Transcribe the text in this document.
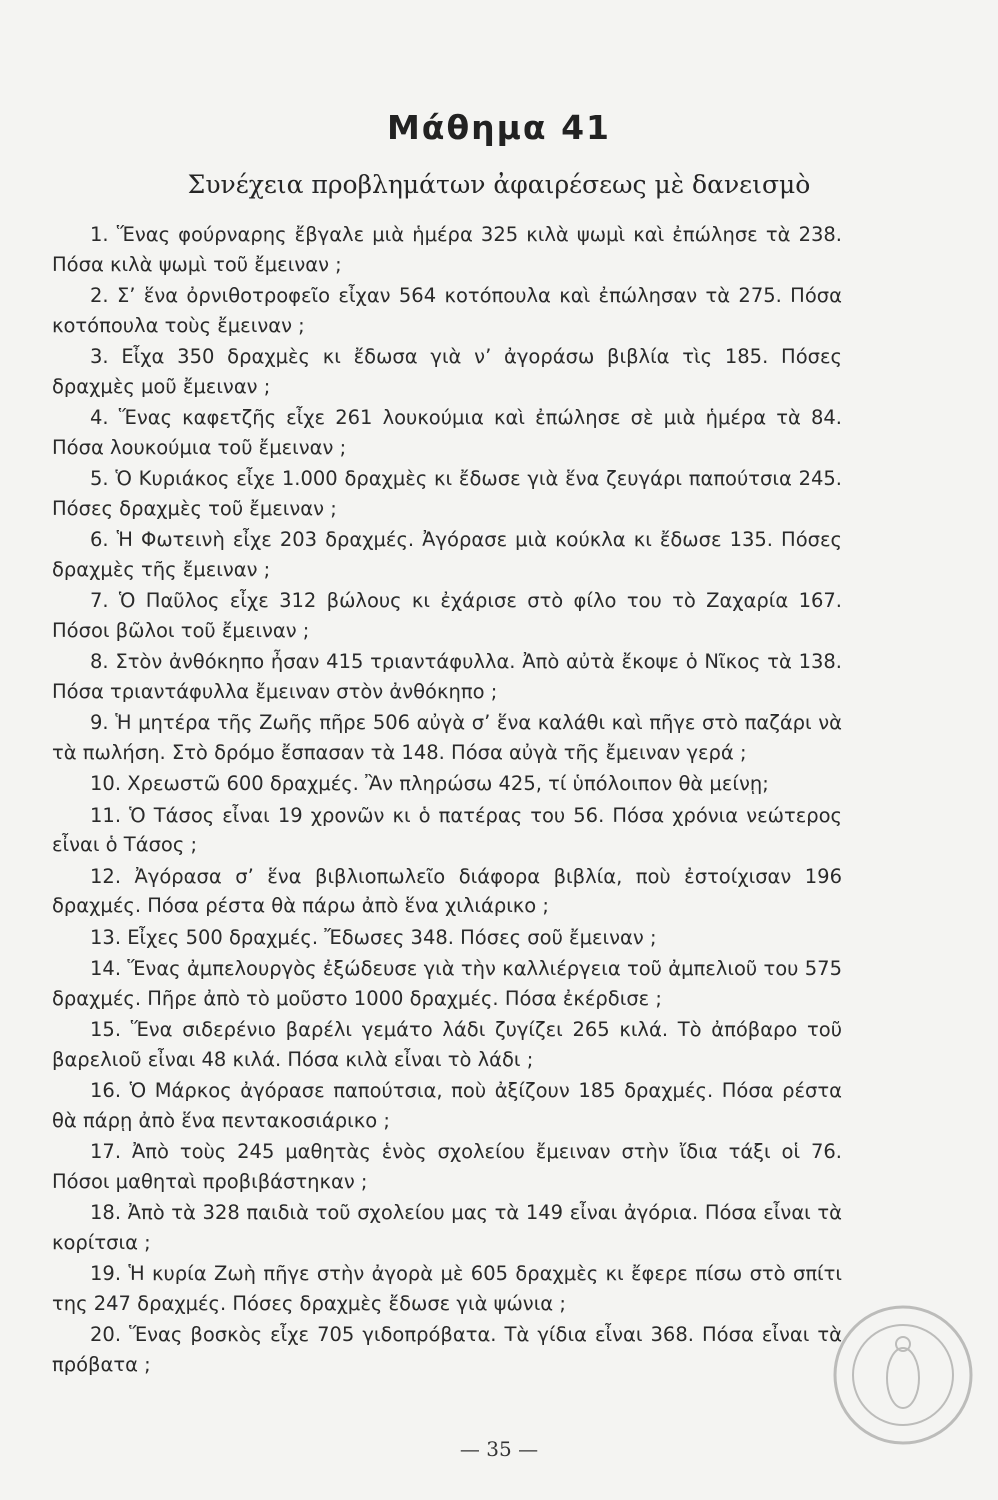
Μάθημα 41
Συνέχεια προβλημάτων ἀφαιρέσεως μὲ δανεισμὸ

1. Ἕνας φούρναρης ἔβγαλε μιὰ ἡμέρα 325 κιλὰ ψωμὶ καὶ ἐπώλησε τὰ 238. Πόσα κιλὰ ψωμὶ τοῦ ἔμειναν ;

2. Σ’ ἕνα ὀρνιθοτροφεῖο εἶχαν 564 κοτόπουλα καὶ ἐπώλησαν τὰ 275. Πόσα κοτόπουλα τοὺς ἔμειναν ;

3. Εἶχα 350 δραχμὲς κι ἔδωσα γιὰ ν’ ἀγοράσω βιβλία τὶς 185. Πόσες δραχμὲς μοῦ ἔμειναν ;

4. Ἕνας καφετζῆς εἶχε 261 λουκούμια καὶ ἐπώλησε σὲ μιὰ ἡμέρα τὰ 84. Πόσα λουκούμια τοῦ ἔμειναν ;

5. Ὁ Κυριάκος εἶχε 1.000 δραχμὲς κι ἔδωσε γιὰ ἕνα ζευγάρι παπούτσια 245. Πόσες δραχμὲς τοῦ ἔμειναν ;

6. Ἡ Φωτεινὴ εἶχε 203 δραχμές. Ἀγόρασε μιὰ κούκλα κι ἔδωσε 135. Πόσες δραχμὲς τῆς ἔμειναν ;

7. Ὁ Παῦλος εἶχε 312 βώλους κι ἐχάρισε στὸ φίλο του τὸ Ζαχαρία 167. Πόσοι βῶλοι τοῦ ἔμειναν ;

8. Στὸν ἀνθόκηπο ἦσαν 415 τριαντάφυλλα. Ἀπὸ αὐτὰ ἔκοψε ὁ Νῖκος τὰ 138. Πόσα τριαντάφυλλα ἔμειναν στὸν ἀνθόκηπο ;

9. Ἡ μητέρα τῆς Ζωῆς πῆρε 506 αὐγὰ σ’ ἕνα καλάθι καὶ πῆγε στὸ παζάρι νὰ τὰ πωλήση. Στὸ δρόμο ἔσπασαν τὰ 148. Πόσα αὐγὰ τῆς ἔμειναν γερά ;

10. Χρεωστῶ 600 δραχμές. Ἂν πληρώσω 425, τί ὑπόλοιπον θὰ μείνῃ;

11. Ὁ Τάσος εἶναι 19 χρονῶν κι ὁ πατέρας του 56. Πόσα χρόνια νεώτερος εἶναι ὁ Τάσος ;

12. Ἀγόρασα σ’ ἕνα βιβλιοπωλεῖο διάφορα βιβλία, ποὺ ἐστοίχισαν 196 δραχμές. Πόσα ρέστα θὰ πάρω ἀπὸ ἕνα χιλιάρικο ;

13. Εἶχες 500 δραχμές. Ἔδωσες 348. Πόσες σοῦ ἔμειναν ;

14. Ἕνας ἀμπελουργὸς ἐξώδευσε γιὰ τὴν καλλιέργεια τοῦ ἀμπελιοῦ του 575 δραχμές. Πῆρε ἀπὸ τὸ μοῦστο 1000 δραχμές. Πόσα ἐκέρδισε ;

15. Ἕνα σιδερένιο βαρέλι γεμάτο λάδι ζυγίζει 265 κιλά. Τὸ ἀπόβαρο τοῦ βαρελιοῦ εἶναι 48 κιλά. Πόσα κιλὰ εἶναι τὸ λάδι ;

16. Ὁ Μάρκος ἀγόρασε παπούτσια, ποὺ ἀξίζουν 185 δραχμές. Πόσα ρέστα θὰ πάρῃ ἀπὸ ἕνα πεντακοσιάρικο ;

17. Ἀπὸ τοὺς 245 μαθητὰς ἑνὸς σχολείου ἔμειναν στὴν ἴδια τάξι οἱ 76. Πόσοι μαθηταὶ προβιβάστηκαν ;

18. Ἀπὸ τὰ 328 παιδιὰ τοῦ σχολείου μας τὰ 149 εἶναι ἀγόρια. Πόσα εἶναι τὰ κορίτσια ;

19. Ἡ κυρία Ζωὴ πῆγε στὴν ἀγορὰ μὲ 605 δραχμὲς κι ἔφερε πίσω στὸ σπίτι της 247 δραχμές. Πόσες δραχμὲς ἔδωσε γιὰ ψώνια ;

20. Ἕνας βοσκὸς εἶχε 705 γιδοπρόβατα. Τὰ γίδια εἶναι 368. Πόσα εἶναι τὰ πρόβατα ;

— 35 —
